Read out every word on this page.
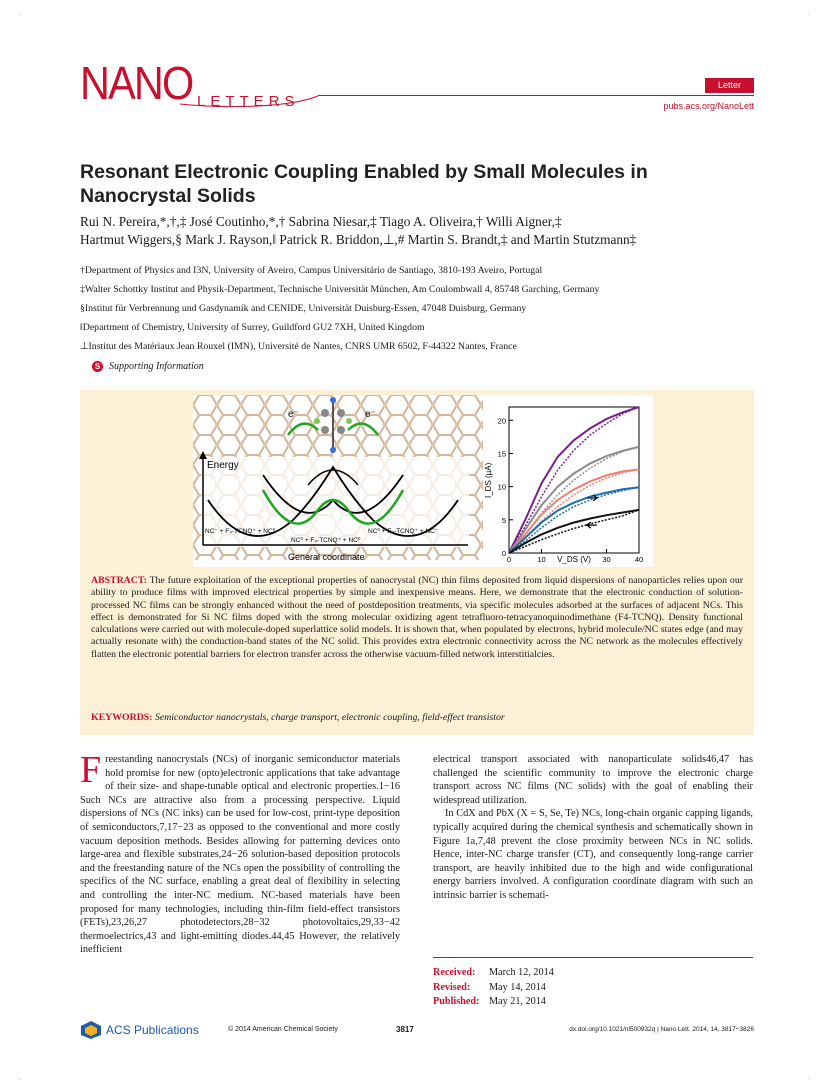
·	·
·	·
NANO LETTERS
Letter
pubs.acs.org/NanoLett
Resonant Electronic Coupling Enabled by Small Molecules in Nanocrystal Solids
Rui N. Pereira,*,†,‡ José Coutinho,*,† Sabrina Niesar,‡ Tiago A. Oliveira,† Willi Aigner,‡
Hartmut Wiggers,§ Mark J. Rayson,‖ Patrick R. Briddon,⊥,# Martin S. Brandt,‡ and Martin Stutzmann‡
†Department of Physics and I3N, University of Aveiro, Campus Universitário de Santiago, 3810-193 Aveiro, Portugal
‡Walter Schottky Institut and Physik-Department, Technische Universität München, Am Coulombwall 4, 85748 Garching, Germany
§Institut für Verbrennung und Gasdynamik and CENIDE, Universität Duisburg-Essen, 47048 Duisburg, Germany
‖Department of Chemistry, University of Surrey, Guildford GU2 7XH, United Kingdom
⊥Institut des Matériaux Jean Rouxel (IMN), Université de Nantes, CNRS UMR 6502, F-44322 Nantes, France
S Supporting Information
e⁻	e⁻
Energy
General coordinate
NC⁻ + F₄-TCNQ⁺ + NC⁰	NC⁰ + F₄-TCNQ⁺ + NC⁻
NC⁰ + F₄-TCNQ⁺ + NC⁰
0
5
10
15
20
0	10	30	40
I_DS (µA)
V_DS (V)
ABSTRACT: The future exploitation of the exceptional properties of nanocrystal (NC) thin films deposited from liquid dispersions of nanoparticles relies upon our ability to produce films with improved electrical properties by simple and inexpensive means. Here, we demonstrate that the electronic conduction of solution-processed NC films can be strongly enhanced without the need of postdeposition treatments, via specific molecules adsorbed at the surfaces of adjacent NCs. This effect is demonstrated for Si NC films doped with the strong molecular oxidizing agent tetrafluoro-tetracyanoquinodimethane (F4-TCNQ). Density functional calculations were carried out with molecule-doped superlattice solid models. It is shown that, when populated by electrons, hybrid molecule/NC states edge (and may actually resonate with) the conduction-band states of the NC solid. This provides extra electronic connectivity across the NC network as the molecules effectively flatten the electronic potential barriers for electron transfer across the otherwise vacuum-filled network interstitialcies.
KEYWORDS: Semiconductor nanocrystals, charge transport, electronic coupling, field-effect transistor
F reestanding nanocrystals (NCs) of inorganic semiconductor materials hold promise for new (opto)electronic applications that take advantage of their size- and shape-tunable optical and electronic properties.1−16 Such NCs are attractive also from a processing perspective. Liquid dispersions of NCs (NC inks) can be used for low-cost, print-type deposition of semiconductors,7,17−23 as opposed to the conventional and more costly vacuum deposition methods. Besides allowing for patterning devices onto large-area and flexible substrates,24−26 solution-based deposition protocols and the freestanding nature of the NCs open the possibility of controlling the specifics of the NC surface, enabling a great deal of flexibility in selecting and controlling the inter-NC medium. NC-based materials have been proposed for many technologies, including thin-film field-effect transistors (FETs),23,26,27 photodetectors,28−32 photovoltaics,29,33−42 thermoelectrics,43 and light-emitting diodes.44,45 However, the relatively inefficient

electrical transport associated with nanoparticulate solids46,47 has challenged the scientific community to improve the electronic charge transport across NC films (NC solids) with the goal of enabling their widespread utilization.

In CdX and PbX (X = S, Se, Te) NCs, long-chain organic capping ligands, typically acquired during the chemical synthesis and schematically shown in Figure 1a,7,48 prevent the close proximity between NCs in NC solids. Hence, inter-NC charge transfer (CT), and consequently long-range carrier transport, are heavily inhibited due to the high and wide configurational energy barriers involved. A configuration coordinate diagram with such an intrinsic barrier is schemati-

Received: March 12, 2014
Revised: May 14, 2014
Published: May 21, 2014
ACS Publications	© 2014 American Chemical Society	3817	dx.doi.org/10.1021/nl500932q | Nano Lett. 2014, 14, 3817−3826
